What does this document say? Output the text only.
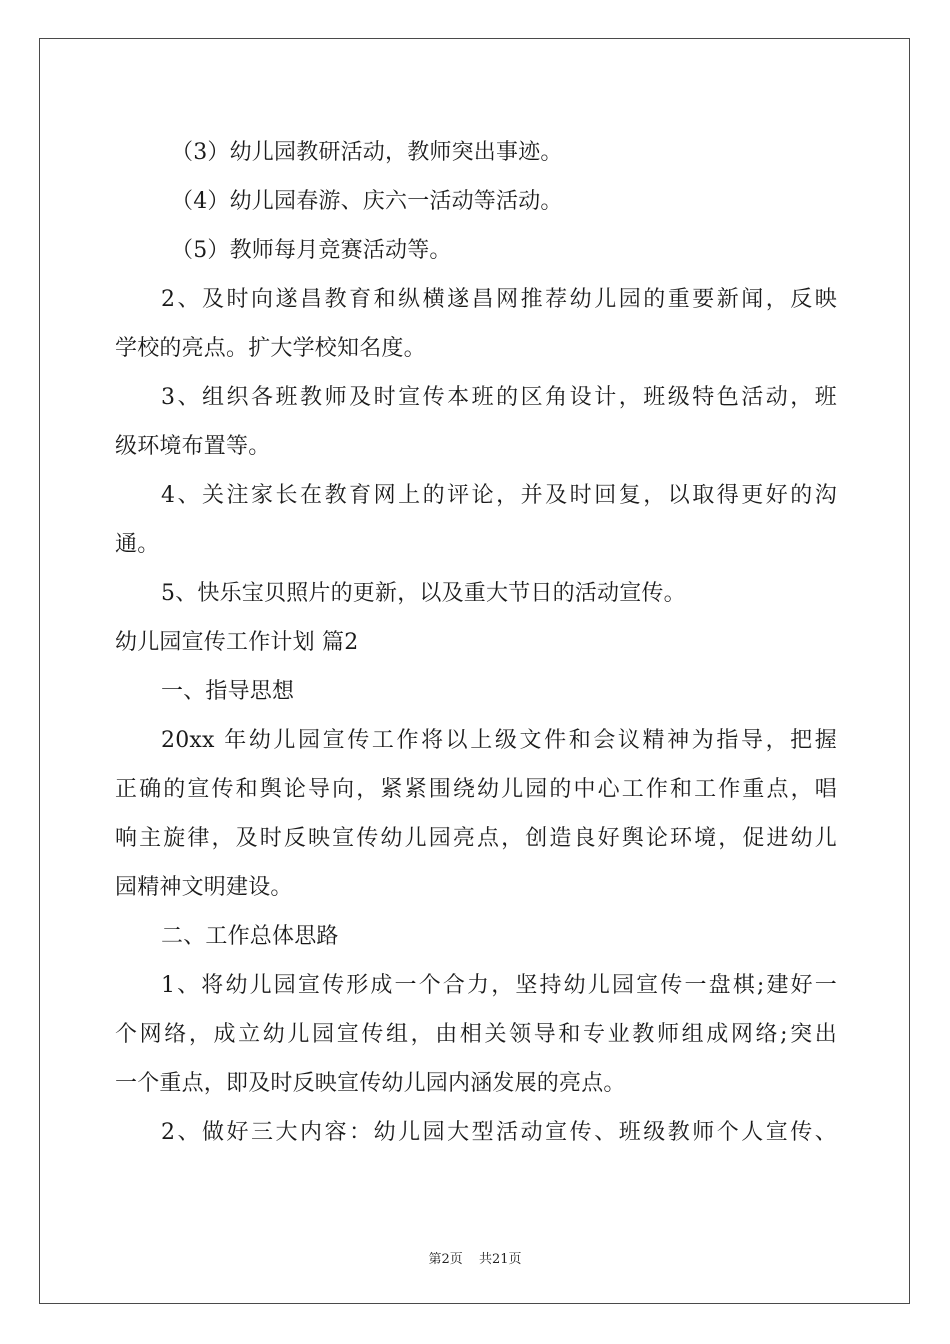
（3）幼儿园教研活动，教师突出事迹。
（4）幼儿园春游、庆六一活动等活动。
（5）教师每月竞赛活动等。
2、及时向遂昌教育和纵横遂昌网推荐幼儿园的重要新闻，反映
学校的亮点。扩大学校知名度。
3、组织各班教师及时宣传本班的区角设计，班级特色活动，班
级环境布置等。
4、关注家长在教育网上的评论，并及时回复，以取得更好的沟
通。
5、快乐宝贝照片的更新，以及重大节日的活动宣传。
幼儿园宣传工作计划 篇2
一、指导思想
20xx 年幼儿园宣传工作将以上级文件和会议精神为指导，把握
正确的宣传和舆论导向，紧紧围绕幼儿园的中心工作和工作重点，唱
响主旋律，及时反映宣传幼儿园亮点，创造良好舆论环境，促进幼儿
园精神文明建设。
二、工作总体思路
1、将幼儿园宣传形成一个合力，坚持幼儿园宣传一盘棋;建好一
个网络，成立幼儿园宣传组，由相关领导和专业教师组成网络;突出
一个重点，即及时反映宣传幼儿园内涵发展的亮点。
2、做好三大内容：幼儿园大型活动宣传、班级教师个人宣传、
第2页 共21页
